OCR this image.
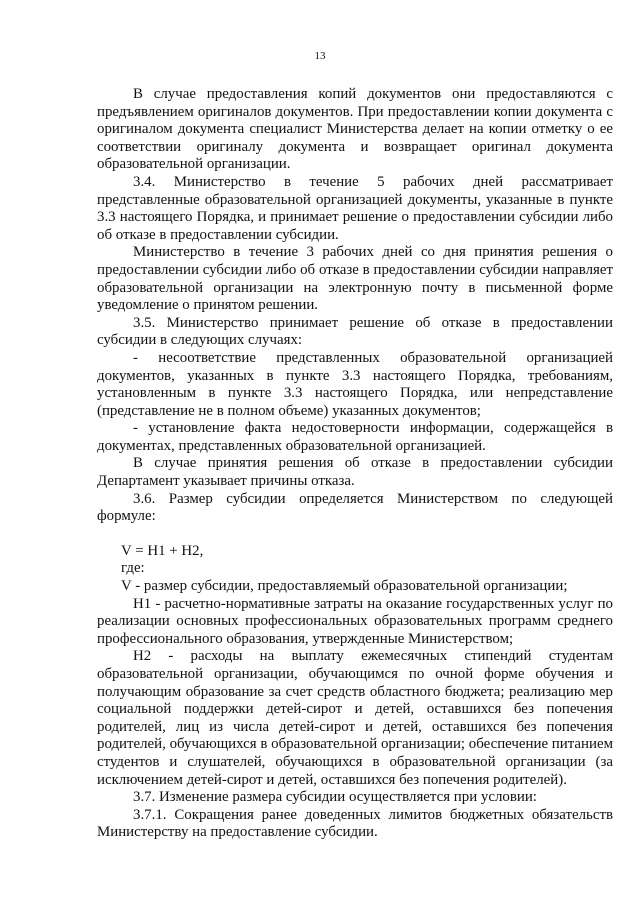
13

В случае предоставления копий документов они предоставляются с предъявлением оригиналов документов. При предоставлении копии документа с оригиналом документа специалист Министерства делает на копии отметку о ее соответствии оригиналу документа и возвращает оригинал документа образовательной организации.

3.4. Министерство в течение 5 рабочих дней рассматривает представленные образовательной организацией документы, указанные в пункте 3.3 настоящего Порядка, и принимает решение о предоставлении субсидии либо об отказе в предоставлении субсидии.

Министерство в течение 3 рабочих дней со дня принятия решения о предоставлении субсидии либо об отказе в предоставлении субсидии направляет образовательной организации на электронную почту в письменной форме уведомление о принятом решении.

3.5. Министерство принимает решение об отказе в предоставлении субсидии в следующих случаях:

- несоответствие представленных образовательной организацией документов, указанных в пункте 3.3 настоящего Порядка, требованиям, установленным в пункте 3.3 настоящего Порядка, или непредставление (представление не в полном объеме) указанных документов;

- установление факта недостоверности информации, содержащейся в документах, представленных образовательной организацией.

В случае принятия решения об отказе в предоставлении субсидии Департамент указывает причины отказа.

3.6. Размер субсидии определяется Министерством по следующей формуле:

V = H1 + H2,

где:

V - размер субсидии, предоставляемый образовательной организации;

H1 - расчетно-нормативные затраты на оказание государственных услуг по реализации основных профессиональных образовательных программ среднего профессионального образования, утвержденные Министерством;

H2 - расходы на выплату ежемесячных стипендий студентам образовательной организации, обучающимся по очной форме обучения и получающим образование за счет средств областного бюджета; реализацию мер социальной поддержки детей-сирот и детей, оставшихся без попечения родителей, лиц из числа детей-сирот и детей, оставшихся без попечения родителей, обучающихся в образовательной организации; обеспечение питанием студентов и слушателей, обучающихся в образовательной организации (за исключением детей-сирот и детей, оставшихся без попечения родителей).

3.7. Изменение размера субсидии осуществляется при условии:

3.7.1. Сокращения ранее доведенных лимитов бюджетных обязательств Министерству на предоставление субсидии.
